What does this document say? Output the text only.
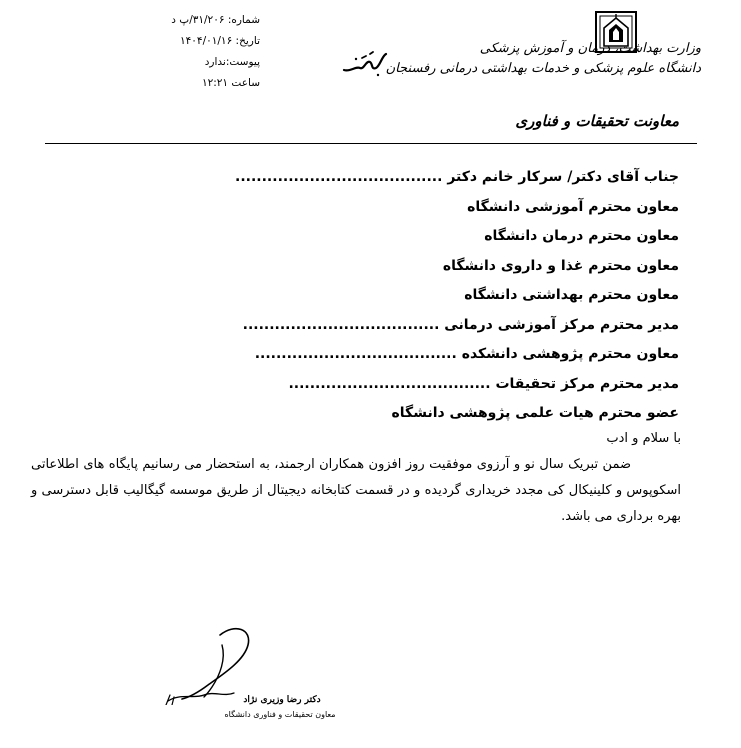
وزارت بهداشت، درمان و آموزش پزشکی
دانشگاه علوم پزشکی و خدمات بهداشتی درمانی رفسنجان
معاونت تحقیقات و فناوری
شماره: ۳۱/۲۰۶/پ د
تاریخ: ۱۴۰۴/۰۱/۱۶
پیوست:ندارد
ساعت ۱۲:۲۱
جناب آقای دکتر/ سرکار خانم دکتر .......................................
معاون محترم آموزشی دانشگاه
معاون محترم درمان دانشگاه
معاون محترم غذا و داروی دانشگاه
معاون محترم بهداشتی دانشگاه
مدیر محترم مرکز آموزشی درمانی .....................................
معاون محترم پژوهشی دانشکده ......................................
مدیر محترم مرکز تحقیقات ......................................
عضو محترم هیات علمی پژوهشی دانشگاه
با سلام و ادب

ضمن تبریک سال نو و آرزوی موفقیت روز افزون همکاران ارجمند، به استحضار می رسانیم پایگاه های اطلاعاتی اسکوپوس و کلینیکال کی مجدد خریداری گردیده و در قسمت کتابخانه دیجیتال از طریق موسسه گیگالیب قابل دسترسی و بهره برداری می باشد.

دکتر رضا وزیری نژاد
معاون تحقیقات و فناوری دانشگاه
